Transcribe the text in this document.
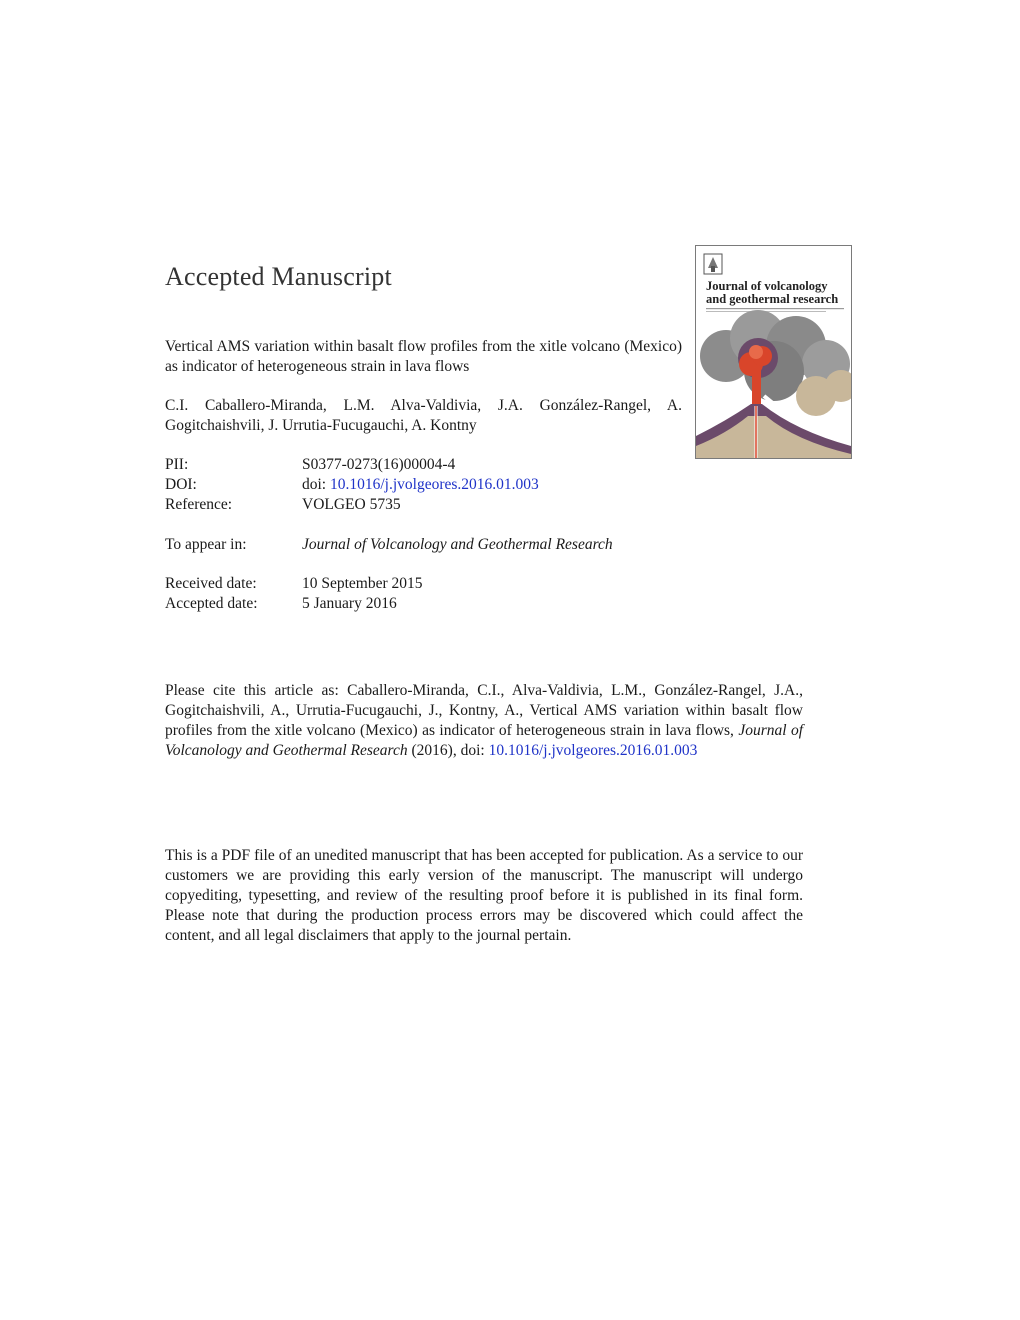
Accepted Manuscript
Vertical AMS variation within basalt flow profiles from the xitle volcano (Mexico) as indicator of heterogeneous strain in lava flows
C.I. Caballero-Miranda, L.M. Alva-Valdivia, J.A. González-Rangel, A. Gogitchaishvili, J. Urrutia-Fucugauchi, A. Kontny
PII:	S0377-0273(16)00004-4
DOI:	doi: 10.1016/j.jvolgeores.2016.01.003
Reference:	VOLGEO 5735
To appear in:	Journal of Volcanology and Geothermal Research
Received date:	10 September 2015
Accepted date:	5 January 2016
Please cite this article as: Caballero-Miranda, C.I., Alva-Valdivia, L.M., González-Rangel, J.A., Gogitchaishvili, A., Urrutia-Fucugauchi, J., Kontny, A., Vertical AMS variation within basalt flow profiles from the xitle volcano (Mexico) as indicator of heterogeneous strain in lava flows, Journal of Volcanology and Geothermal Research (2016), doi: 10.1016/j.jvolgeores.2016.01.003
This is a PDF file of an unedited manuscript that has been accepted for publication. As a service to our customers we are providing this early version of the manuscript. The manuscript will undergo copyediting, typesetting, and review of the resulting proof before it is published in its final form. Please note that during the production process errors may be discovered which could affect the content, and all legal disclaimers that apply to the journal pertain.
Journal of volcanology
and geothermal research
